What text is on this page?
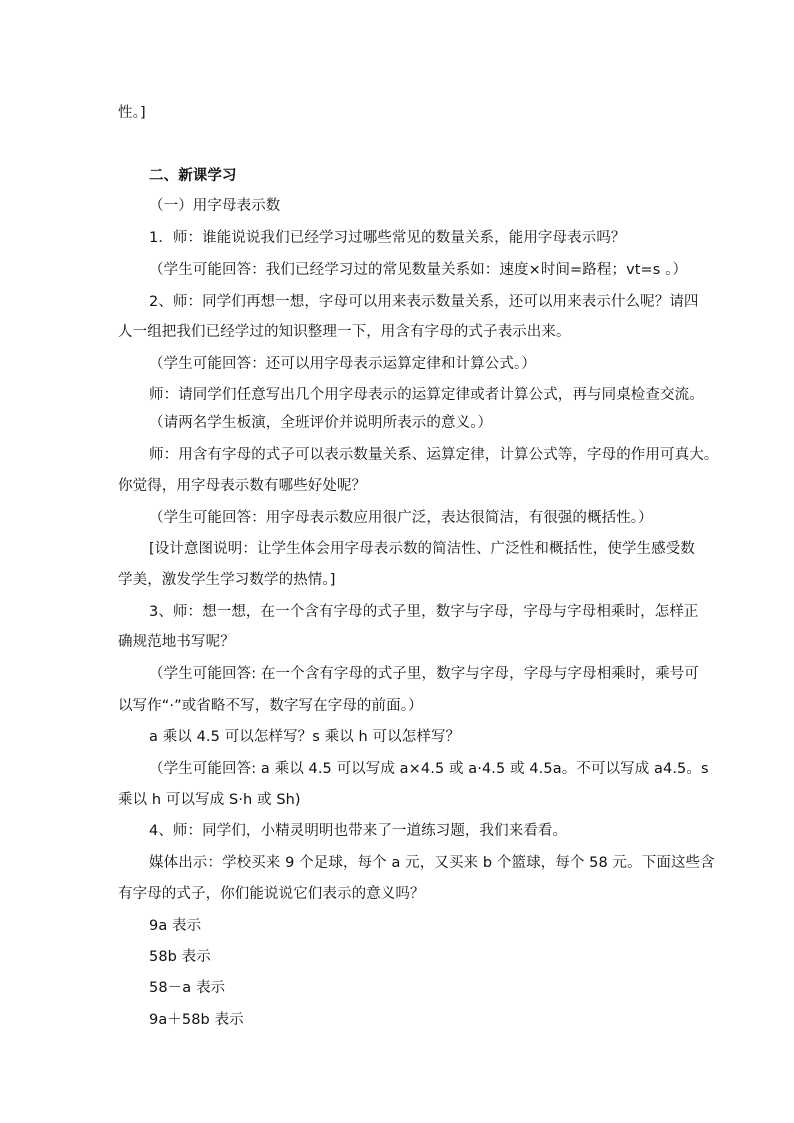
性。]
二、新课学习
（一）用字母表示数
1．师：谁能说说我们已经学习过哪些常见的数量关系，能用字母表示吗？
（学生可能回答：我们已经学习过的常见数量关系如：速度×时间=路程；vt=s 。）
2、师：同学们再想一想，字母可以用来表示数量关系，还可以用来表示什么呢？请四
人一组把我们已经学过的知识整理一下，用含有字母的式子表示出来。
（学生可能回答：还可以用字母表示运算定律和计算公式。）
师：请同学们任意写出几个用字母表示的运算定律或者计算公式，再与同桌检查交流。
（请两名学生板演，全班评价并说明所表示的意义。）
师：用含有字母的式子可以表示数量关系、运算定律，计算公式等，字母的作用可真大。
你觉得，用字母表示数有哪些好处呢？
（学生可能回答：用字母表示数应用很广泛，表达很简洁，有很强的概括性。）
[设计意图说明：让学生体会用字母表示数的简洁性、广泛性和概括性，使学生感受数
学美，激发学生学习数学的热情。]
3、师：想一想，在一个含有字母的式子里，数字与字母，字母与字母相乘时，怎样正
确规范地书写呢？
（学生可能回答: 在一个含有字母的式子里，数字与字母，字母与字母相乘时，乘号可
以写作“·”或省略不写，数字写在字母的前面。）
a 乘以 4.5 可以怎样写？s 乘以 h 可以怎样写？
（学生可能回答: a 乘以 4.5 可以写成 a×4.5 或 a·4.5 或 4.5a。不可以写成 a4.5。s
乘以 h 可以写成 S·h 或 Sh)
4、师：同学们，小精灵明明也带来了一道练习题，我们来看看。
媒体出示：学校买来 9 个足球，每个 a 元，又买来 b 个篮球，每个 58 元。下面这些含
有字母的式子，你们能说说它们表示的意义吗？
9a 表示
58b 表示
58－a 表示
9a＋58b 表示
